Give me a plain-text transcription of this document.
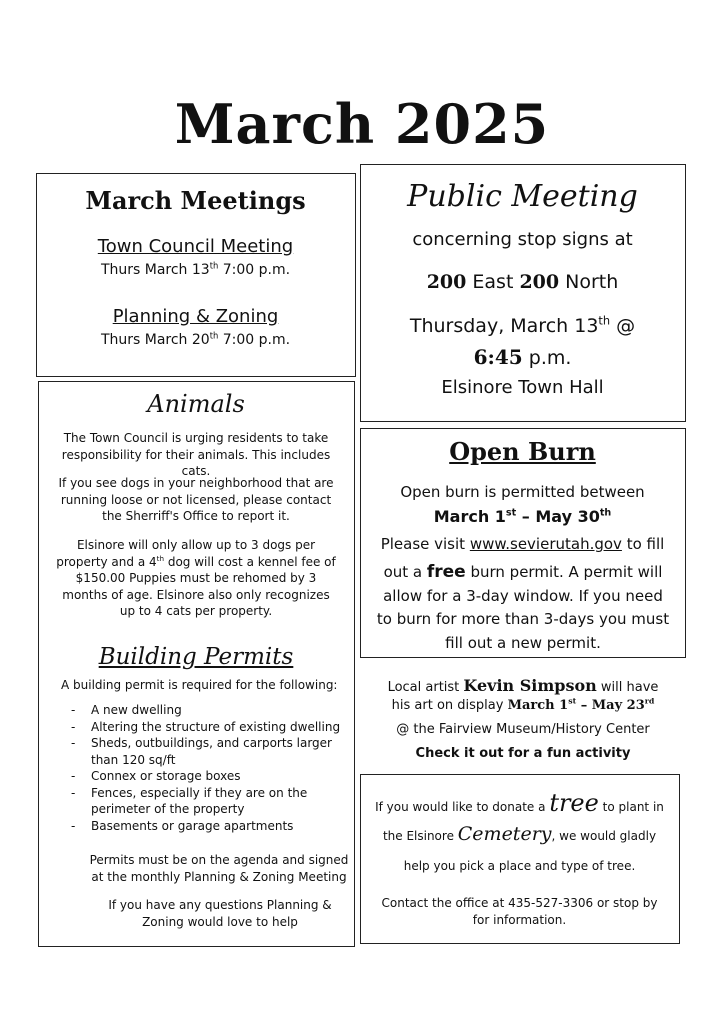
March 2025
March Meetings
Town Council Meeting
Thurs March 13th 7:00 p.m.
Planning & Zoning
Thurs March 20th 7:00 p.m.
Public Meeting
concerning stop signs at
200 East 200 North
Thursday, March 13th @
6:45 p.m.
Elsinore Town Hall
Animals

The Town Council is urging residents to take responsibility for their animals. This includes cats.

If you see dogs in your neighborhood that are running loose or not licensed, please contact the Sherriff's Office to report it.

Elsinore will only allow up to 3 dogs per property and a 4th dog will cost a kennel fee of $150.00 Puppies must be rehomed by 3 months of age. Elsinore also only recognizes up to 4 cats per property.

Building Permits
A building permit is required for the following:
- A new dwelling
- Altering the structure of existing dwelling
- Sheds, outbuildings, and carports larger than 120 sq/ft
- Connex or storage boxes
- Fences, especially if they are on the perimeter of the property
- Basements or garage apartments

Permits must be on the agenda and signed at the monthly Planning & Zoning Meeting

If you have any questions Planning & Zoning would love to help

Open Burn
Open burn is permitted between
March 1st – May 30th
Please visit www.sevierutah.gov to fill

out a free burn permit. A permit will allow for a 3-day window. If you need to burn for more than 3-days you must fill out a new permit.

Local artist Kevin Simpson will have
his art on display March 1st – May 23rd
@ the Fairview Museum/History Center
Check it out for a fun activity
If you would like to donate a tree to plant in
the Elsinore Cemetery, we would gladly
help you pick a place and type of tree.

Contact the office at 435-527-3306 or stop by for information.
